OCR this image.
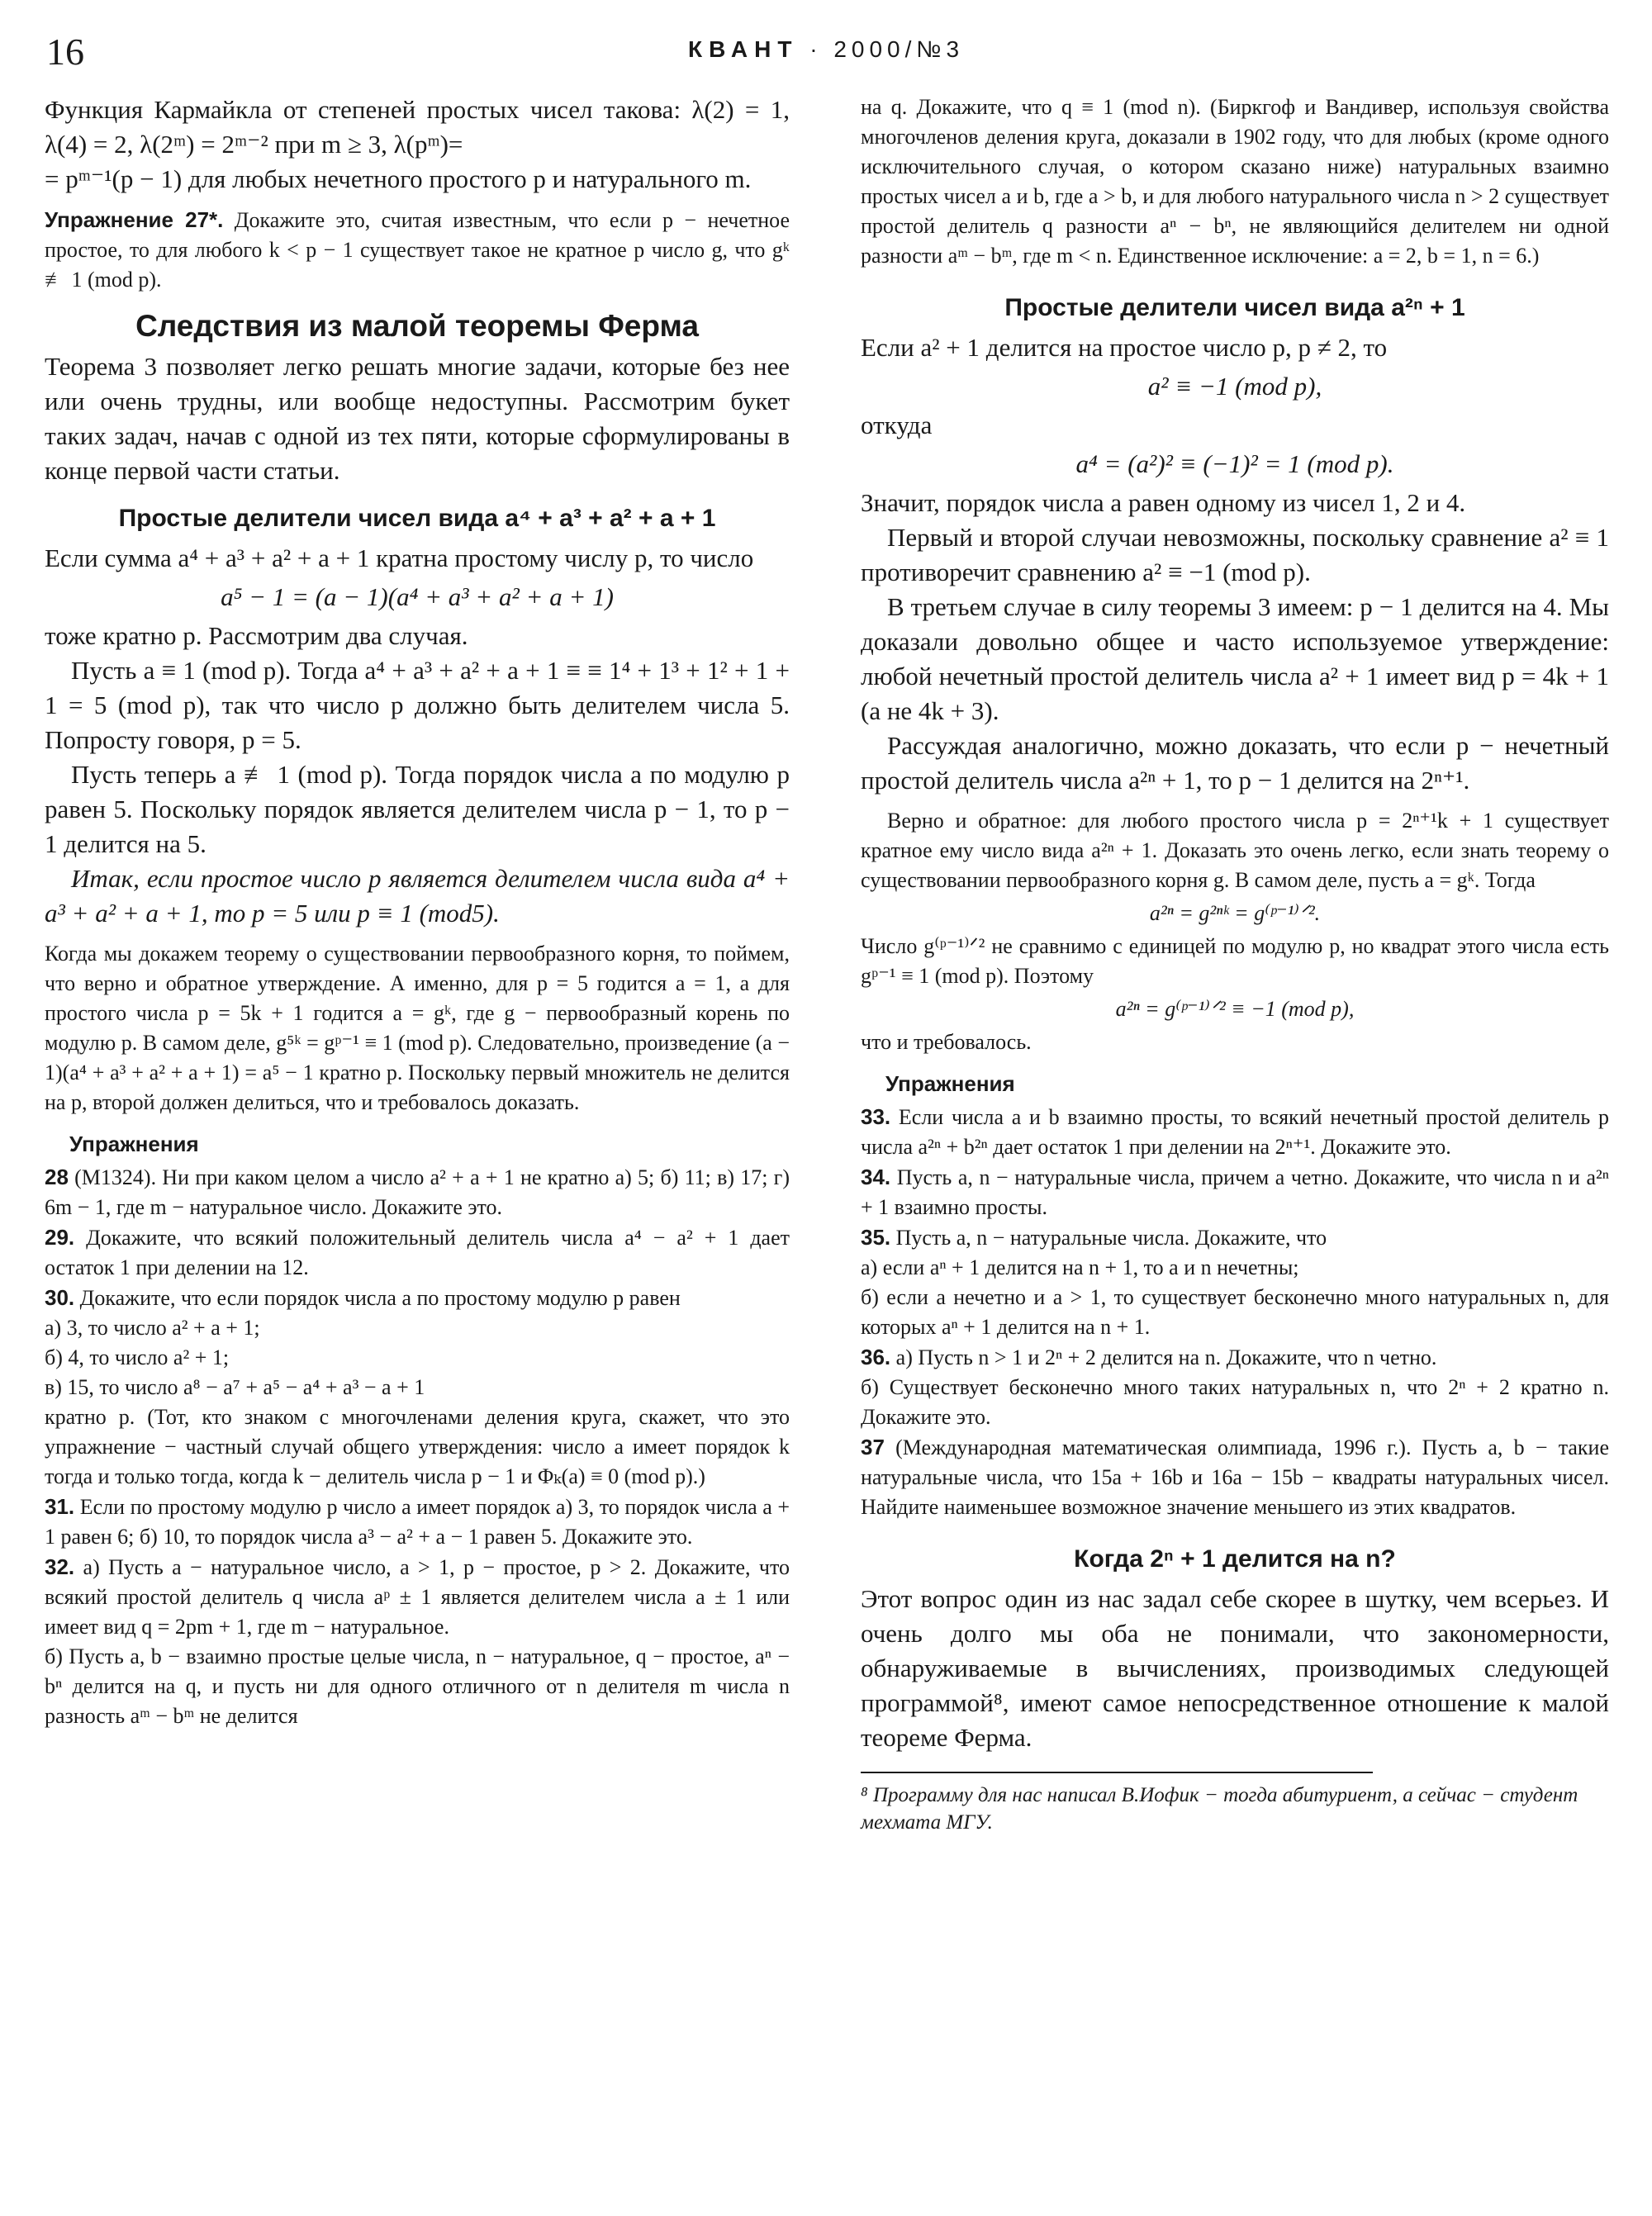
16	КВАНТ · 2000/№3

Функция Кармайкла от степеней простых чисел такова: λ(2) = 1, λ(4) = 2, λ(2ᵐ) = 2ᵐ⁻² при m ≥ 3, λ(pᵐ)=

= pᵐ⁻¹(p − 1) для любых нечетного простого p и натурального m.

Упражнение 27*. Докажите это, считая известным, что если p − нечетное простое, то для любого k < p − 1 существует такое не кратное p число g, что gᵏ ≢ 1 (mod p).

Следствия из малой теоремы Ферма

Теорема 3 позволяет легко решать многие задачи, которые без нее или очень трудны, или вообще недоступны. Рассмотрим букет таких задач, начав с одной из тех пяти, которые сформулированы в конце первой части статьи.

Простые делители чисел вида a⁴ + a³ + a² + a + 1

Если сумма a⁴ + a³ + a² + a + 1 кратна простому числу p, то число

a⁵ − 1 = (a − 1)(a⁴ + a³ + a² + a + 1)

тоже кратно p. Рассмотрим два случая.

Пусть a ≡ 1 (mod p). Тогда a⁴ + a³ + a² + a + 1 ≡ ≡ 1⁴ + 1³ + 1² + 1 + 1 = 5 (mod p), так что число p должно быть делителем числа 5. Попросту говоря, p = 5.

Пусть теперь a ≢ 1 (mod p). Тогда порядок числа a по модулю p равен 5. Поскольку порядок является делителем числа p − 1, то p − 1 делится на 5.

Итак, если простое число p является делителем числа вида a⁴ + a³ + a² + a + 1, то p = 5 или p ≡ 1 (mod5).

Когда мы докажем теорему о существовании первообразного корня, то поймем, что верно и обратное утверждение. А именно, для p = 5 годится a = 1, а для простого числа p = 5k + 1 годится a = gᵏ, где g − первообразный корень по модулю p. В самом деле, g⁵ᵏ = gᵖ⁻¹ ≡ 1 (mod p). Следовательно, произведение (a − 1)(a⁴ + a³ + a² + a + 1) = a⁵ − 1 кратно p. Поскольку первый множитель не делится на p, второй должен делиться, что и требовалось доказать.

Упражнения

28 (М1324). Ни при каком целом a число a² + a + 1 не кратно а) 5; б) 11; в) 17; г) 6m − 1, где m − натуральное число. Докажите это.

29. Докажите, что всякий положительный делитель числа a⁴ − a² + 1 дает остаток 1 при делении на 12.

30. Докажите, что если порядок числа a по простому модулю p равен

а) 3, то число a² + a + 1;

б) 4, то число a² + 1;

в) 15, то число a⁸ − a⁷ + a⁵ − a⁴ + a³ − a + 1

кратно p. (Тот, кто знаком с многочленами деления круга, скажет, что это упражнение − частный случай общего утверждения: число a имеет порядок k тогда и только тогда, когда k − делитель числа p − 1 и Φₖ(a) ≡ 0 (mod p).)

31. Если по простому модулю p число a имеет порядок а) 3, то порядок числа a + 1 равен 6; б) 10, то порядок числа a³ − a² + a − 1 равен 5. Докажите это.

32. а) Пусть a − натуральное число, a > 1, p − простое, p > 2. Докажите, что всякий простой делитель q числа aᵖ ± 1 является делителем числа a ± 1 или имеет вид q = 2pm + 1, где m − натуральное.

б) Пусть a, b − взаимно простые целые числа, n − натуральное, q − простое, aⁿ − bⁿ делится на q, и пусть ни для одного отличного от n делителя m числа n разность aᵐ − bᵐ не делится

на q. Докажите, что q ≡ 1 (mod n). (Биркгоф и Вандивер, используя свойства многочленов деления круга, доказали в 1902 году, что для любых (кроме одного исключительного случая, о котором сказано ниже) натуральных взаимно простых чисел a и b, где a > b, и для любого натурального числа n > 2 существует простой делитель q разности aⁿ − bⁿ, не являющийся делителем ни одной разности aᵐ − bᵐ, где m < n. Единственное исключение: a = 2, b = 1, n = 6.)

Простые делители чисел вида a²ⁿ + 1

Если a² + 1 делится на простое число p, p ≠ 2, то

a² ≡ −1 (mod p),

откуда

a⁴ = (a²)² ≡ (−1)² = 1 (mod p).

Значит, порядок числа a равен одному из чисел 1, 2 и 4.

Первый и второй случаи невозможны, поскольку сравнение a² ≡ 1 противоречит сравнению a² ≡ −1 (mod p).

В третьем случае в силу теоремы 3 имеем: p − 1 делится на 4. Мы доказали довольно общее и часто используемое утверждение: любой нечетный простой делитель числа a² + 1 имеет вид p = 4k + 1 (а не 4k + 3).

Рассуждая аналогично, можно доказать, что если p − нечетный простой делитель числа a²ⁿ + 1, то p − 1 делится на 2ⁿ⁺¹.

Верно и обратное: для любого простого числа p = 2ⁿ⁺¹k + 1 существует кратное ему число вида a²ⁿ + 1. Доказать это очень легко, если знать теорему о существовании первообразного корня g. В самом деле, пусть a = gᵏ. Тогда

a²ⁿ = g²ⁿᵏ = g⁽ᵖ⁻¹⁾ᐟ².

Число g⁽ᵖ⁻¹⁾ᐟ² не сравнимо с единицей по модулю p, но квадрат этого числа есть gᵖ⁻¹ ≡ 1 (mod p). Поэтому

a²ⁿ = g⁽ᵖ⁻¹⁾ᐟ² ≡ −1 (mod p),

что и требовалось.

Упражнения

33. Если числа a и b взаимно просты, то всякий нечетный простой делитель p числа a²ⁿ + b²ⁿ дает остаток 1 при делении на 2ⁿ⁺¹. Докажите это.

34. Пусть a, n − натуральные числа, причем a четно. Докажите, что числа n и a²ⁿ + 1 взаимно просты.

35. Пусть a, n − натуральные числа. Докажите, что

а) если aⁿ + 1 делится на n + 1, то a и n нечетны;

б) если a нечетно и a > 1, то существует бесконечно много натуральных n, для которых aⁿ + 1 делится на n + 1.

36. а) Пусть n > 1 и 2ⁿ + 2 делится на n. Докажите, что n четно.

б) Существует бесконечно много таких натуральных n, что 2ⁿ + 2 кратно n. Докажите это.

37 (Международная математическая олимпиада, 1996 г.). Пусть a, b − такие натуральные числа, что 15a + 16b и 16a − 15b − квадраты натуральных чисел. Найдите наименьшее возможное значение меньшего из этих квадратов.

Когда 2ⁿ + 1 делится на n?

Этот вопрос один из нас задал себе скорее в шутку, чем всерьез. И очень долго мы оба не понимали, что закономерности, обнаруживаемые в вычислениях, производимых следующей программой⁸, имеют самое непосредственное отношение к малой теореме Ферма.

⁸ Программу для нас написал В.Иофик − тогда абитуриент, а сейчас − студент мехмата МГУ.
